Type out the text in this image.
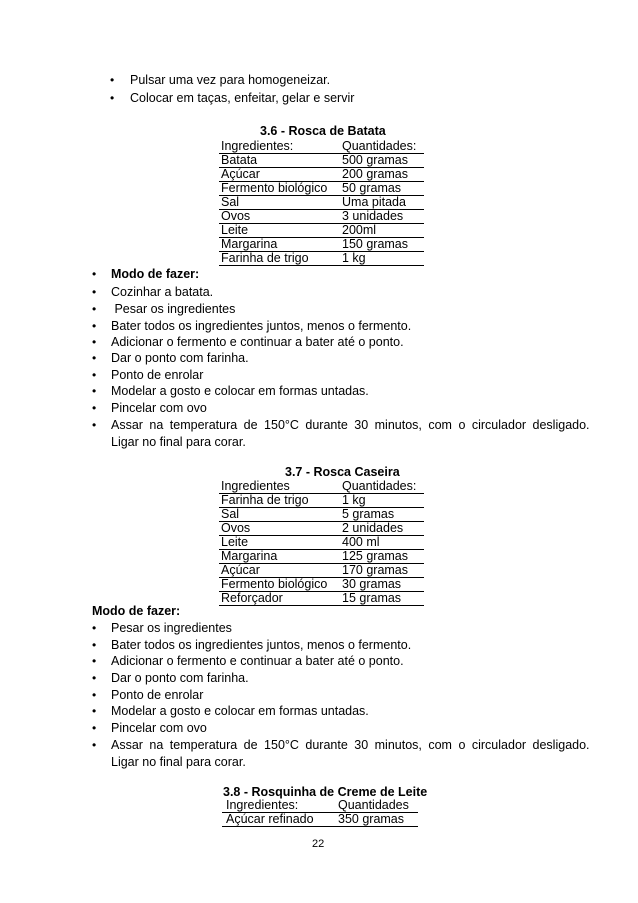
• Pulsar uma vez para homogeneizar.
• Colocar em taças, enfeitar, gelar e servir
3.6 - Rosca de Batata
Ingredientes:	Quantidades:
Batata	500 gramas
Açúcar	200 gramas
Fermento biológico	50 gramas
Sal	Uma pitada
Ovos	3 unidades
Leite	200ml
Margarina	150 gramas
Farinha de trigo	1 kg
• Modo de fazer:
• Cozinhar a batata.
• Pesar os ingredientes
• Bater todos os ingredientes juntos, menos o fermento.
• Adicionar o fermento e continuar a bater até o ponto.
• Dar o ponto com farinha.
• Ponto de enrolar
• Modelar a gosto e colocar em formas untadas.
• Pincelar com ovo
• Assar na temperatura de 150°C durante 30 minutos, com o circulador desligado.
Ligar no final para corar.
3.7 - Rosca Caseira
Ingredientes	Quantidades:
Farinha de trigo	1 kg
Sal	5 gramas
Ovos	2 unidades
Leite	400 ml
Margarina	125 gramas
Açúcar	170 gramas
Fermento biológico	30 gramas
Reforçador	15 gramas
Modo de fazer:
• Pesar os ingredientes
• Bater todos os ingredientes juntos, menos o fermento.
• Adicionar o fermento e continuar a bater até o ponto.
• Dar o ponto com farinha.
• Ponto de enrolar
• Modelar a gosto e colocar em formas untadas.
• Pincelar com ovo
• Assar na temperatura de 150°C durante 30 minutos, com o circulador desligado.
Ligar no final para corar.
3.8 - Rosquinha de Creme de Leite
Ingredientes:	Quantidades
Açúcar refinado	350 gramas
22
